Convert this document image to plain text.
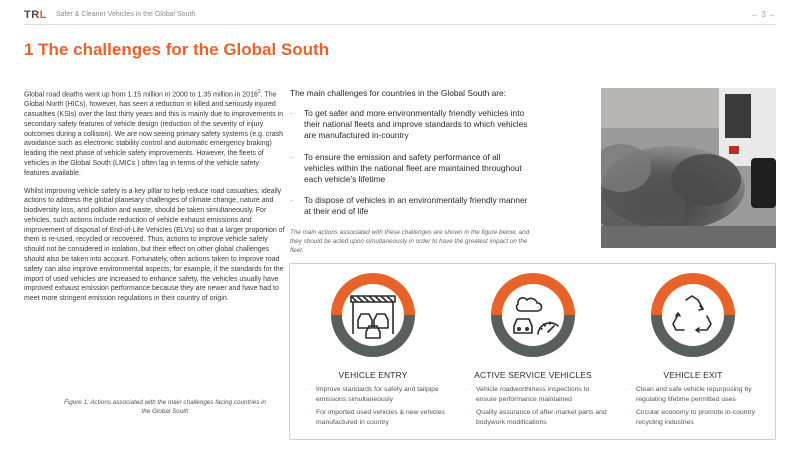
TRL Safer & Cleaner Vehicles in the Global South	← 3 →
1 The challenges for the Global South

Global road deaths went up from 1.15 million in 2000 to 1.35 million in 2016$^2$. The Global North (HICs), however, has seen a reduction in killed and seriously injured casualties (KSIs) over the last thirty years and this is mainly due to improvements in secondary safety features of vehicle design (reduction of the severity of injury outcomes during a collision). We are now seeing primary safety systems (e.g. crash avoidance such as electronic stability control and automatic emergency braking) leading the next phase of vehicle safety improvements. However, the fleets of vehicles in the Global South (LMICs ) often lag in terms of the vehicle safety features available.

Whilst improving vehicle safety is a key pillar to help reduce road casualties, ideally actions to address the global planetary challenges of climate change, nature and biodiversity loss, and pollution and waste, should be taken simultaneously. For vehicles, such actions include reduction of vehicle exhaust emissions and improvement of disposal of End-of-Life Vehicles (ELVs) so that a larger proportion of them is re-used, recycled or recovered. Thus, actions to improve vehicle safety should not be considered in isolation, but their effect on other global challenges should also be taken into account. Fortunately, often actions taken to improve road safety can also improve environmental aspects; for example, if the standards for the import of used vehicles are increased to enhance safety, the vehicles usually have improved exhaust emission performance because they are newer and have had to meet more stringent emission regulations in their country of origin.

Figure 1: Actions associated with the main challenges facing countries in the Global South
The main challenges for countries in the Global South are:
· To get safer and more environmentally friendly vehicles into their national fleets and improve standards to which vehicles are manufactured in-country
· To ensure the emission and safety performance of all vehicles within the national fleet are maintained throughout each vehicle's lifetime
· To dispose of vehicles in an environmentally friendly manner at their end of life
The main actions associated with these challenges are shown in the figure below, and they should be acted upon simultaneously in order to have the greatest impact on the fleet.
VEHICLE ENTRY
· Improve standards for safety and tailpipe emissions simultaneously
· For imported used vehicles & new vehicles manufactured in country
ACTIVE SERVICE VEHICLES
· Vehicle roadworthiness inspections to ensure performance maintained
· Quality assurance of after-market parts and bodywork modifications
VEHICLE EXIT
· Clean and safe vehicle repurposing by regulating lifetime permitted uses
· Circular economy to promote in-country recycling industries
